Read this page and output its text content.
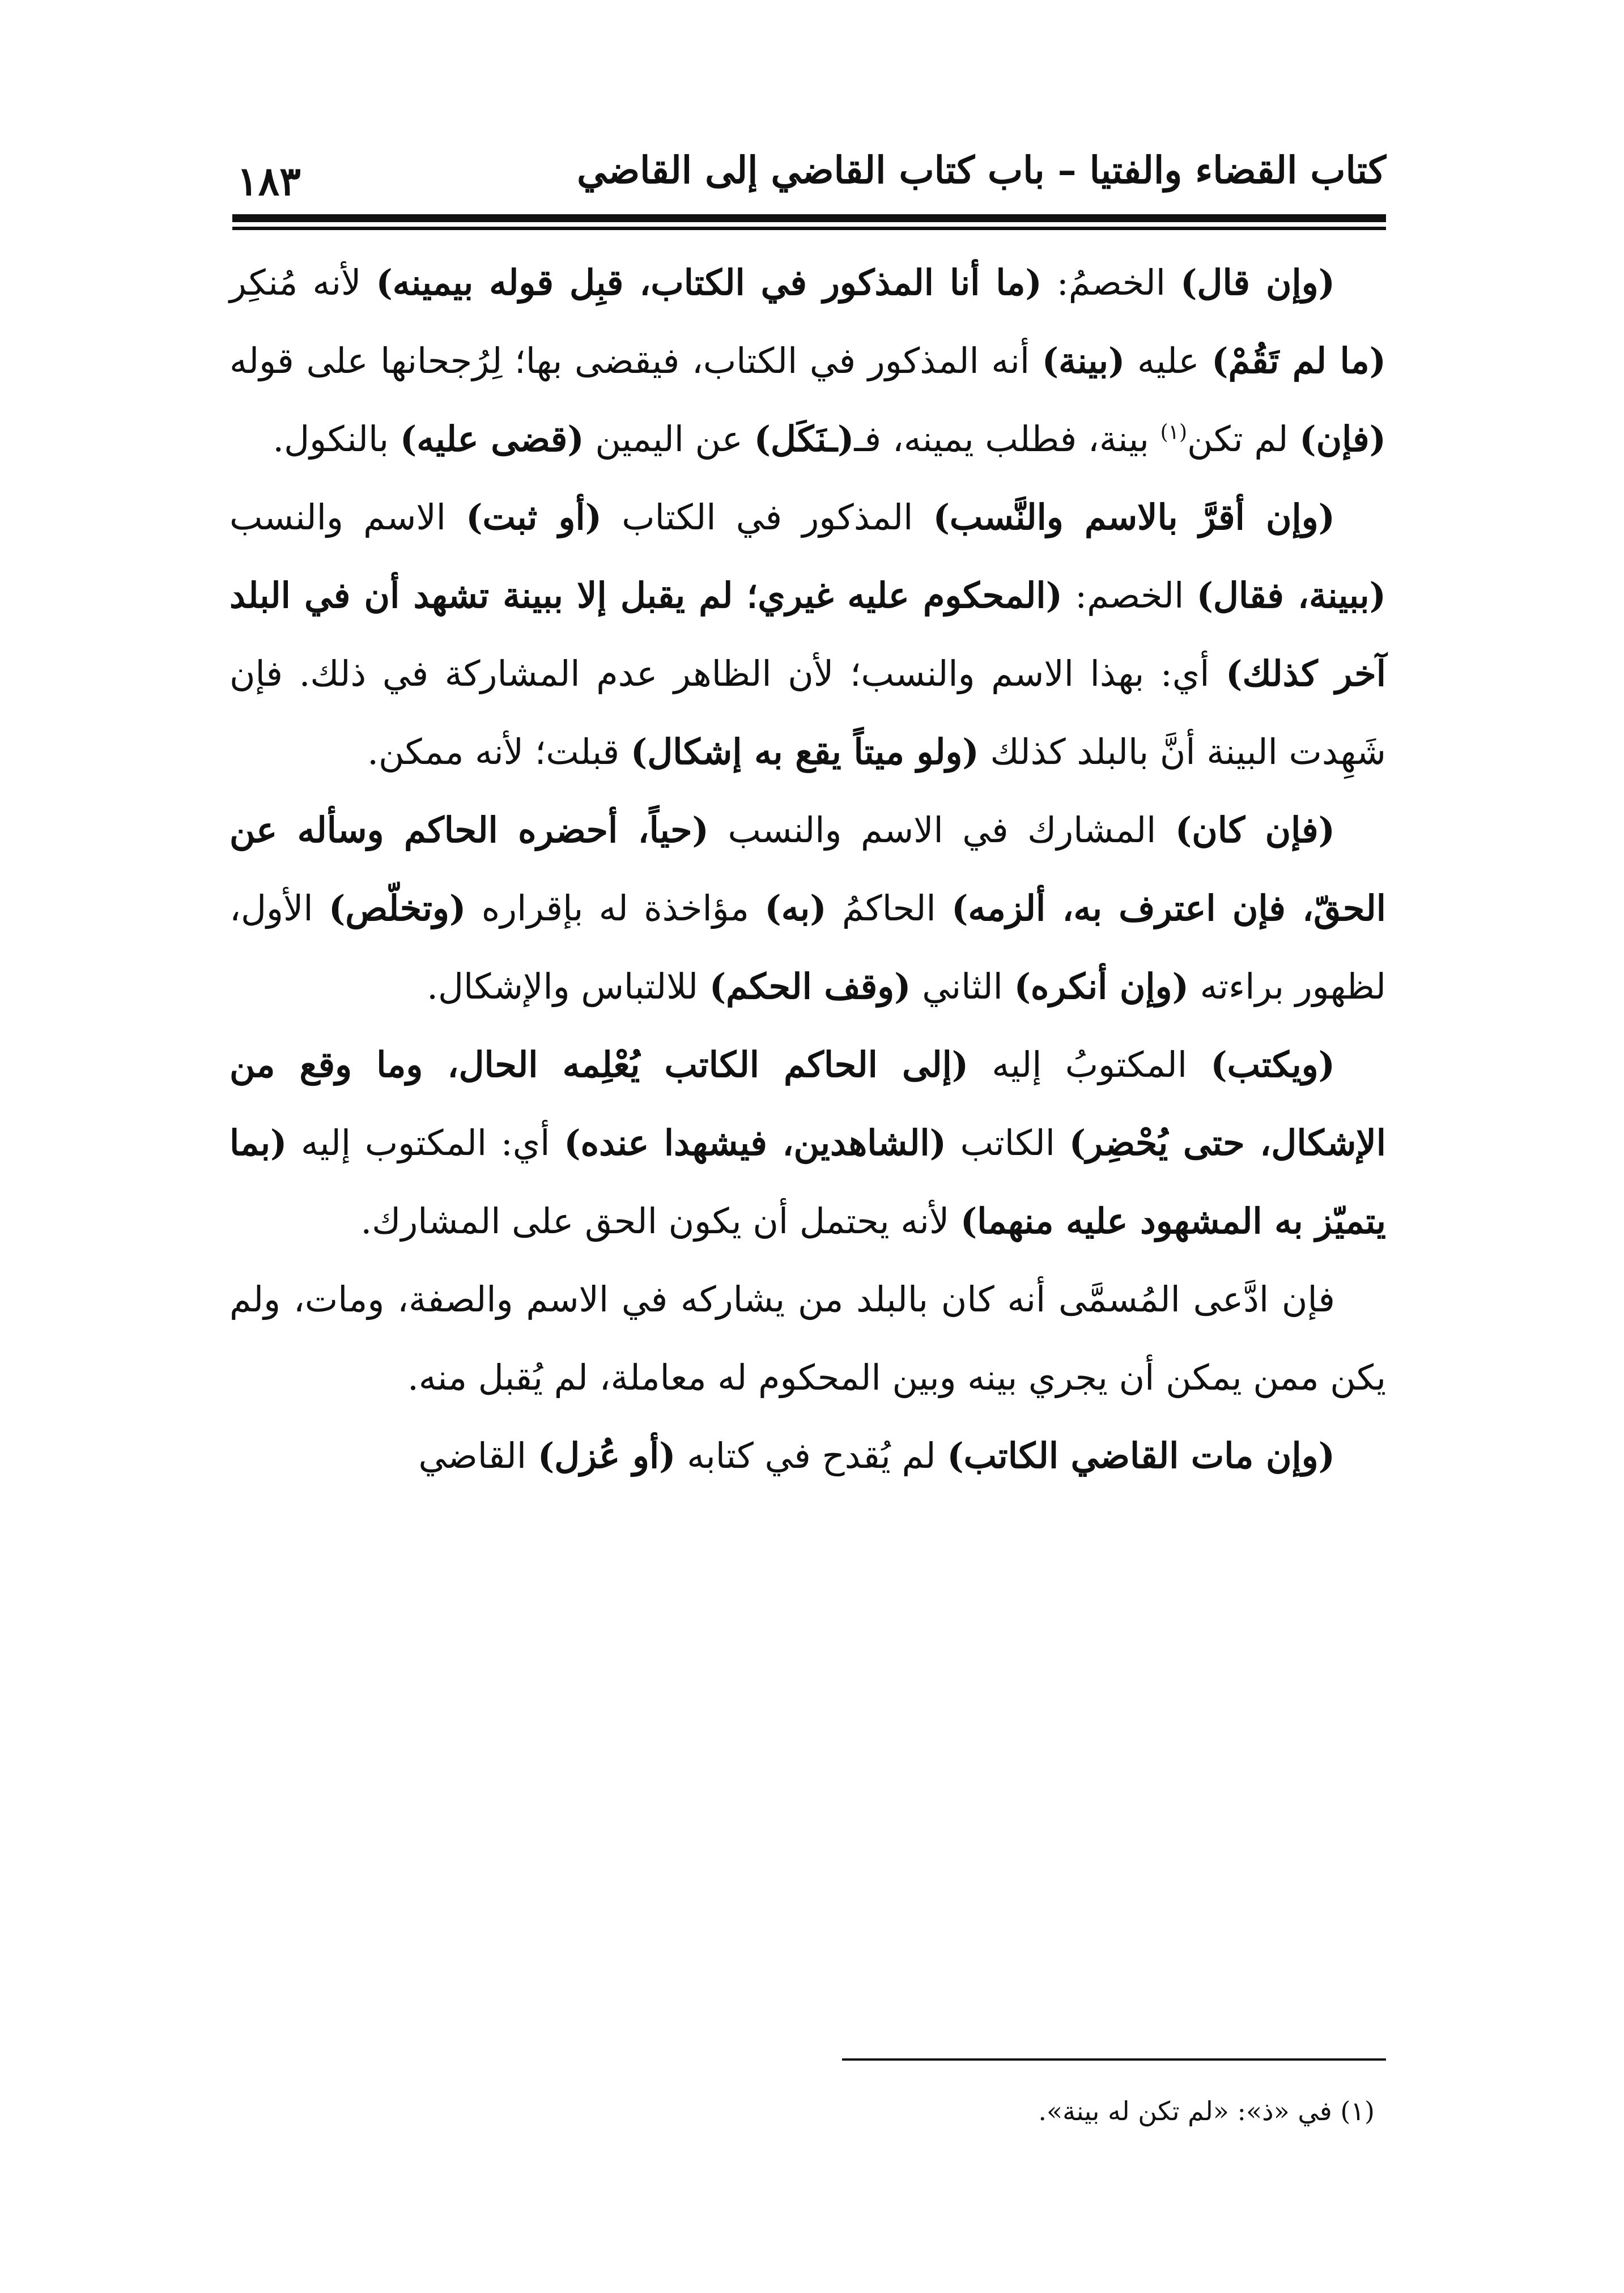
كتاب القضاء والفتيا – باب كتاب القاضي إلى القاضي
١٨٣

(وإن قال) الخصمُ: (ما أنا المذكور في الكتاب، قبِل قوله بيمينه) لأنه مُنكِر (ما لم تَقُمْ) عليه (بينة) أنه المذكور في الكتاب، فيقضى بها؛ لِرُجحانها على قوله (فإن) لم تكن$^{(١)}$ بينة، فطلب يمينه، فـ(ـنَكَل) عن اليمين (قضى عليه) بالنكول.

(وإن أقرَّ بالاسم والنَّسب) المذكور في الكتاب (أو ثبت) الاسم والنسب (ببينة، فقال) الخصم: (المحكوم عليه غيري؛ لم يقبل إلا ببينة تشهد أن في البلد آخر كذلك) أي: بهذا الاسم والنسب؛ لأن الظاهر عدم المشاركة في ذلك. فإن شَهِدت البينة أنَّ بالبلد كذلك (ولو ميتاً يقع به إشكال) قبلت؛ لأنه ممكن.

(فإن كان) المشارك في الاسم والنسب (حياً، أحضره الحاكم وسأله عن الحقّ، فإن اعترف به، ألزمه) الحاكمُ (به) مؤاخذة له بإقراره (وتخلّص) الأول، لظهور براءته (وإن أنكره) الثاني (وقف الحكم) للالتباس والإشكال.

(ويكتب) المكتوبُ إليه (إلى الحاكم الكاتب يُعْلِمه الحال، وما وقع من الإشكال، حتى يُحْضِر) الكاتب (الشاهدين، فيشهدا عنده) أي: المكتوب إليه (بما يتميّز به المشهود عليه منهما) لأنه يحتمل أن يكون الحق على المشارك.

فإن ادَّعى المُسمَّى أنه كان بالبلد من يشاركه في الاسم والصفة، ومات، ولم يكن ممن يمكن أن يجري بينه وبين المحكوم له معاملة، لم يُقبل منه.

(وإن مات القاضي الكاتب) لم يُقدح في كتابه (أو عُزل) القاضي

(١) في «ذ»: «لم تكن له بينة».
